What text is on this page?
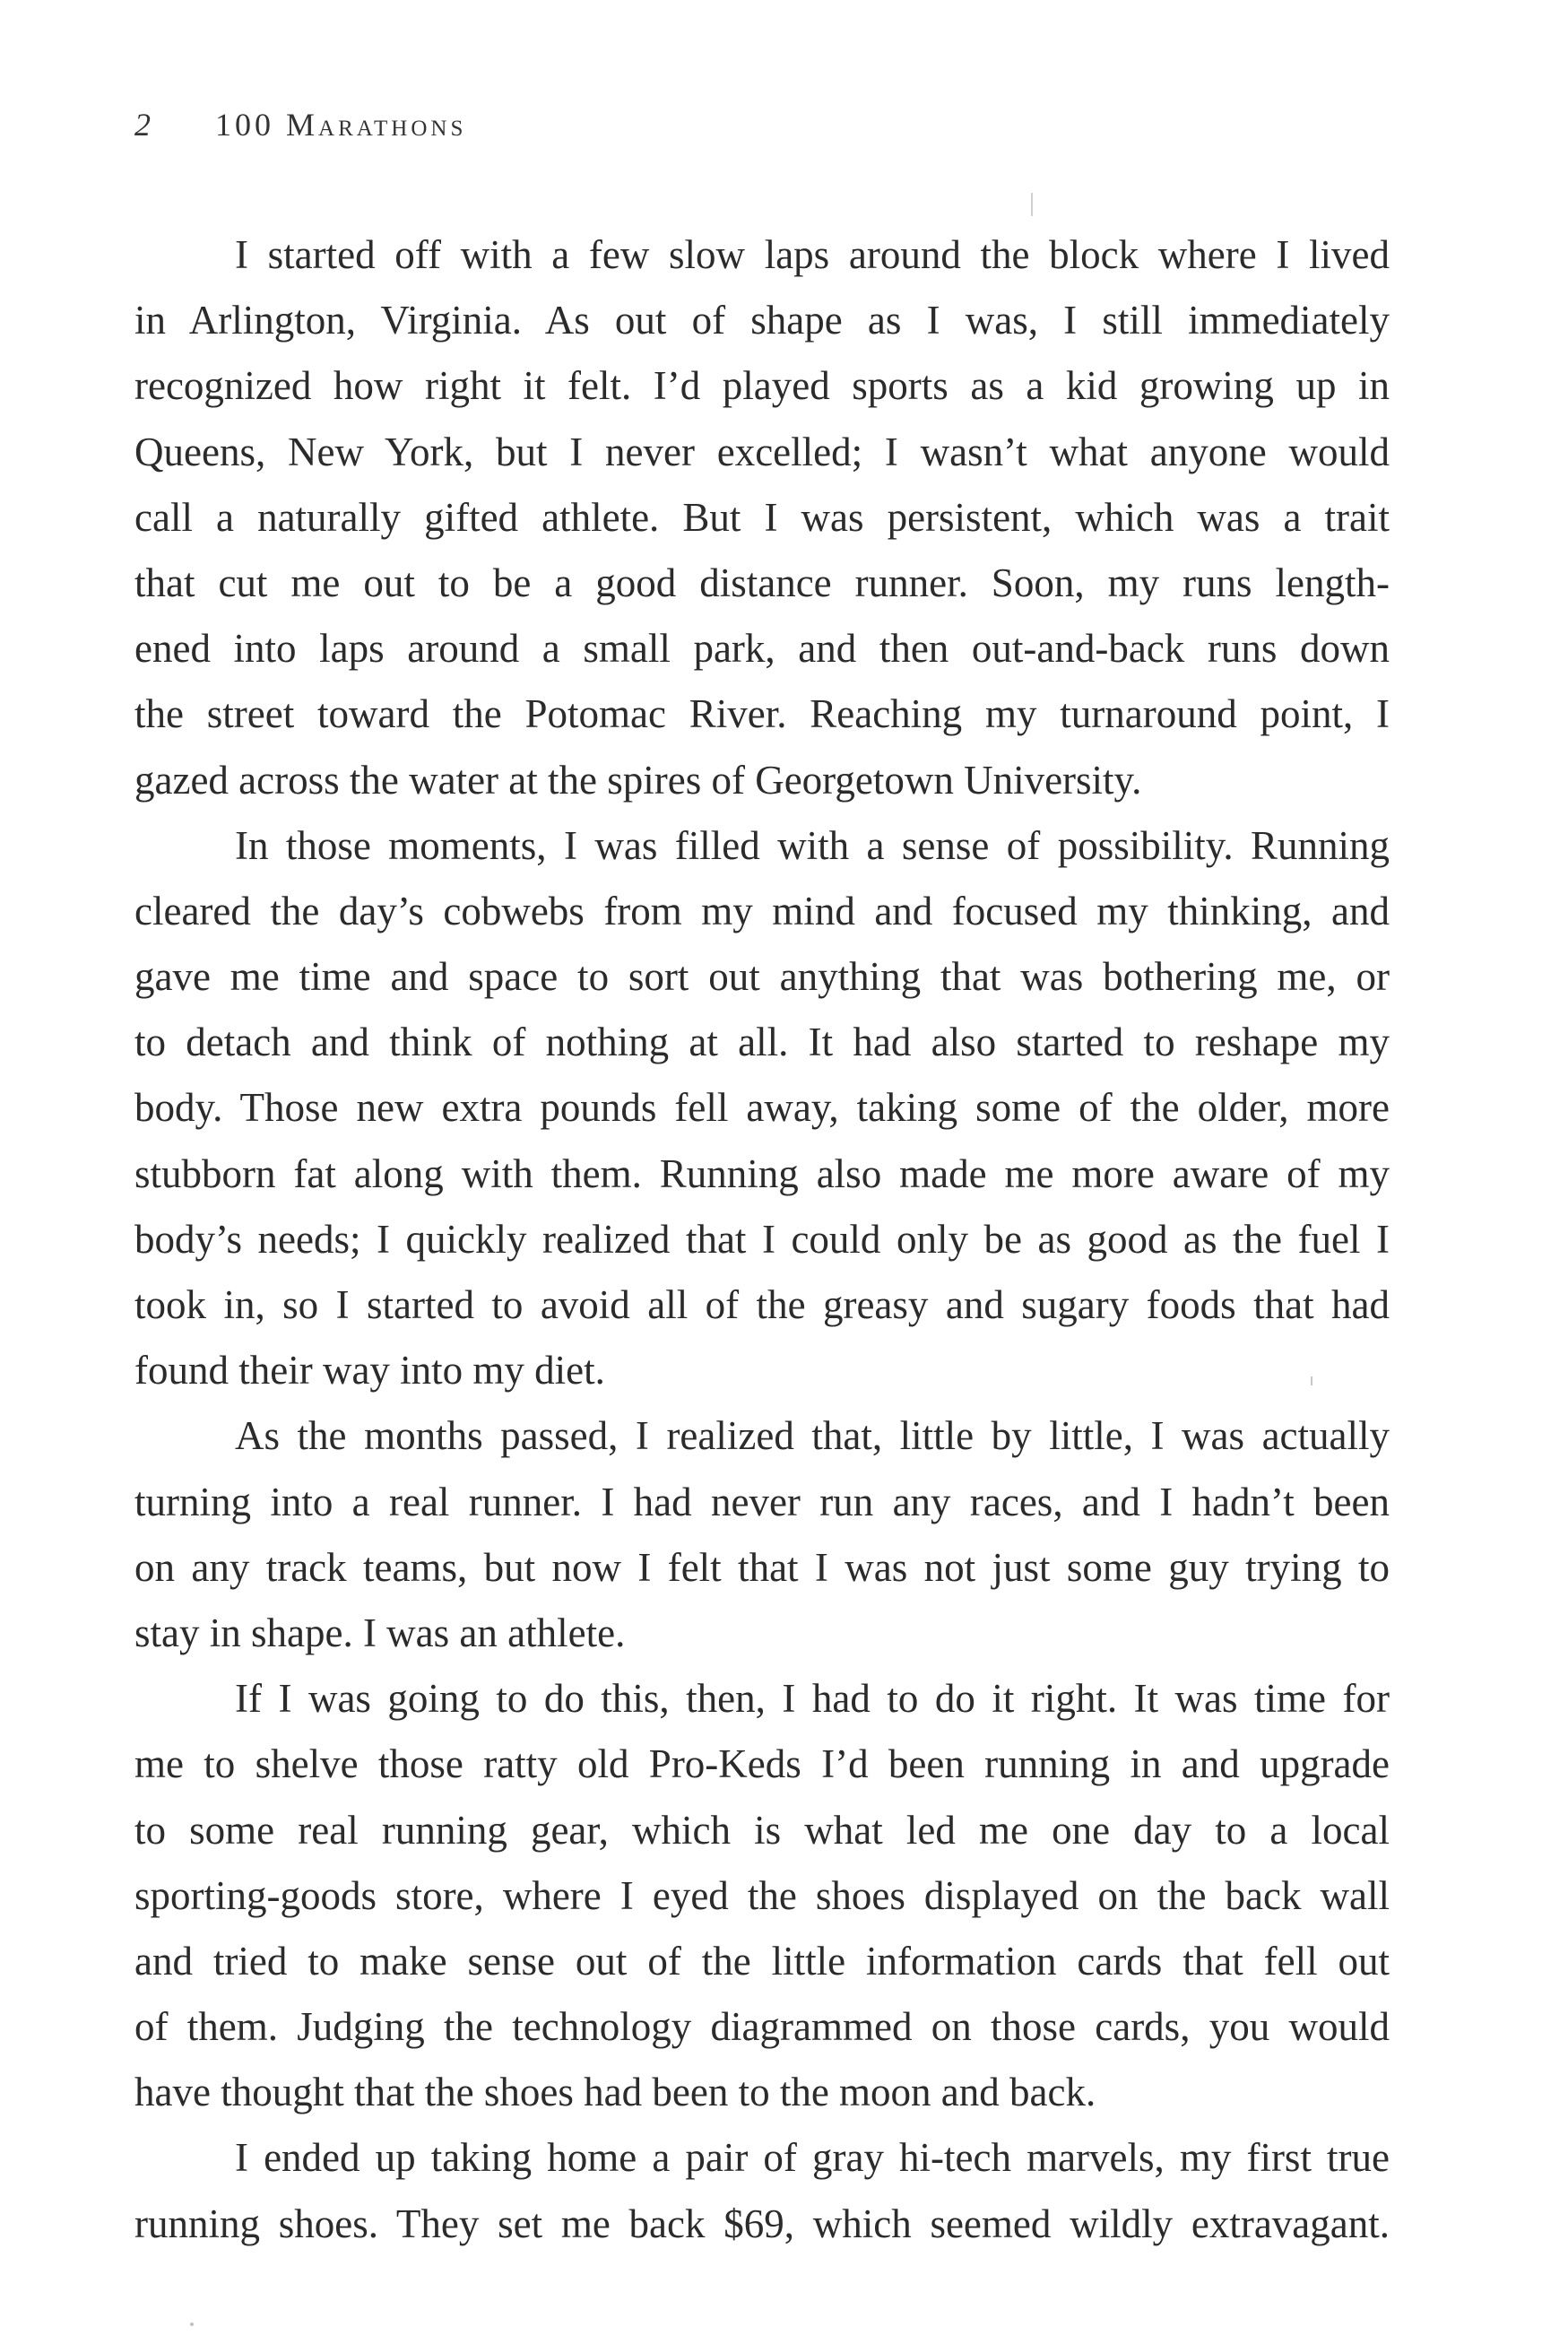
2 100 Marathons
I started off with a few slow laps around the block where I lived
in Arlington, Virginia. As out of shape as I was, I still immediately
recognized how right it felt. I’d played sports as a kid growing up in
Queens, New York, but I never excelled; I wasn’t what anyone would
call a naturally gifted athlete. But I was persistent, which was a trait
that cut me out to be a good distance runner. Soon, my runs length-
ened into laps around a small park, and then out-and-back runs down
the street toward the Potomac River. Reaching my turnaround point, I
gazed across the water at the spires of Georgetown University.
In those moments, I was filled with a sense of possibility. Running
cleared the day’s cobwebs from my mind and focused my thinking, and
gave me time and space to sort out anything that was bothering me, or
to detach and think of nothing at all. It had also started to reshape my
body. Those new extra pounds fell away, taking some of the older, more
stubborn fat along with them. Running also made me more aware of my
body’s needs; I quickly realized that I could only be as good as the fuel I
took in, so I started to avoid all of the greasy and sugary foods that had
found their way into my diet.
As the months passed, I realized that, little by little, I was actually
turning into a real runner. I had never run any races, and I hadn’t been
on any track teams, but now I felt that I was not just some guy trying to
stay in shape. I was an athlete.
If I was going to do this, then, I had to do it right. It was time for
me to shelve those ratty old Pro-Keds I’d been running in and upgrade
to some real running gear, which is what led me one day to a local
sporting-goods store, where I eyed the shoes displayed on the back wall
and tried to make sense out of the little information cards that fell out
of them. Judging the technology diagrammed on those cards, you would
have thought that the shoes had been to the moon and back.
I ended up taking home a pair of gray hi-tech marvels, my first true
running shoes. They set me back $69, which seemed wildly extravagant.
